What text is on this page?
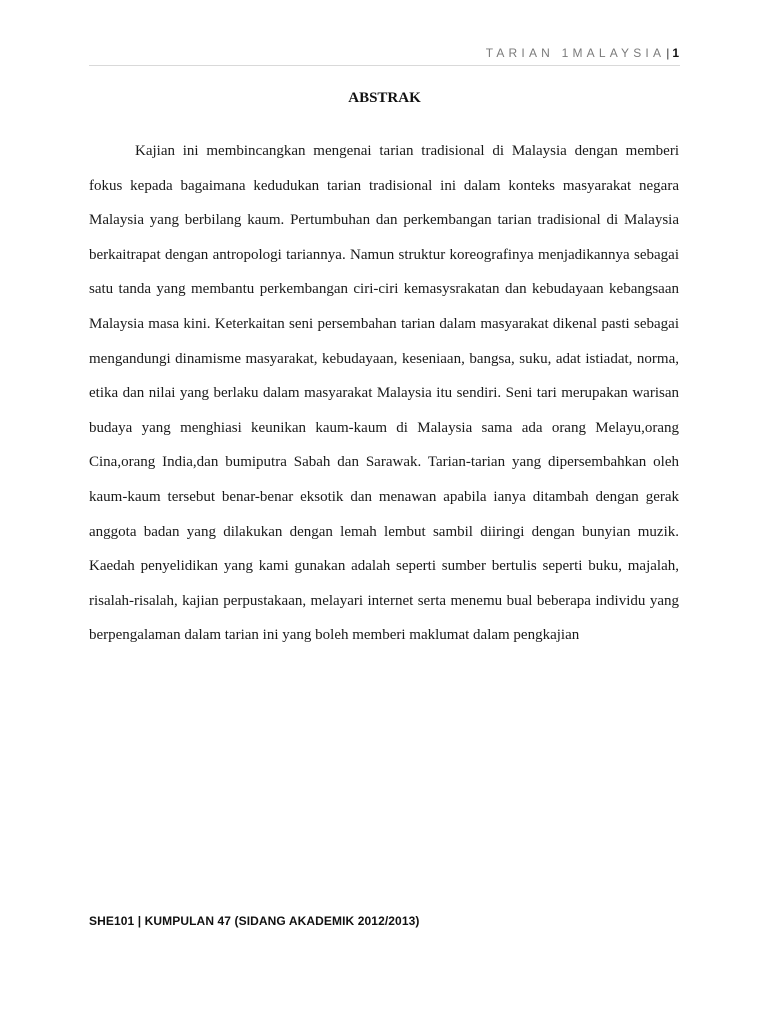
TARIAN 1MALAYSIA| 1
ABSTRAK

Kajian ini membincangkan mengenai tarian tradisional di Malaysia dengan memberi fokus kepada bagaimana kedudukan tarian tradisional ini dalam konteks masyarakat negara Malaysia yang berbilang kaum. Pertumbuhan dan perkembangan tarian tradisional di Malaysia berkaitrapat dengan antropologi tariannya. Namun struktur koreografinya menjadikannya sebagai satu tanda yang membantu perkembangan ciri-ciri kemasysrakatan dan kebudayaan kebangsaan Malaysia masa kini. Keterkaitan seni persembahan tarian dalam masyarakat dikenal pasti sebagai mengandungi dinamisme masyarakat, kebudayaan, keseniaan, bangsa, suku, adat istiadat, norma, etika dan nilai yang berlaku dalam masyarakat Malaysia itu sendiri. Seni tari merupakan warisan budaya yang menghiasi keunikan kaum-kaum di Malaysia sama ada orang Melayu,orang Cina,orang India,dan bumiputra Sabah dan Sarawak. Tarian-tarian yang dipersembahkan oleh kaum-kaum tersebut benar-benar eksotik dan menawan apabila ianya ditambah dengan gerak anggota badan yang dilakukan dengan lemah lembut sambil diiringi dengan bunyian muzik. Kaedah penyelidikan yang kami gunakan adalah seperti sumber bertulis seperti buku, majalah, risalah-risalah, kajian perpustakaan, melayari internet serta menemu bual beberapa individu yang berpengalaman dalam tarian ini yang boleh memberi maklumat dalam pengkajian

SHE101 | KUMPULAN 47 (SIDANG AKADEMIK 2012/2013)
